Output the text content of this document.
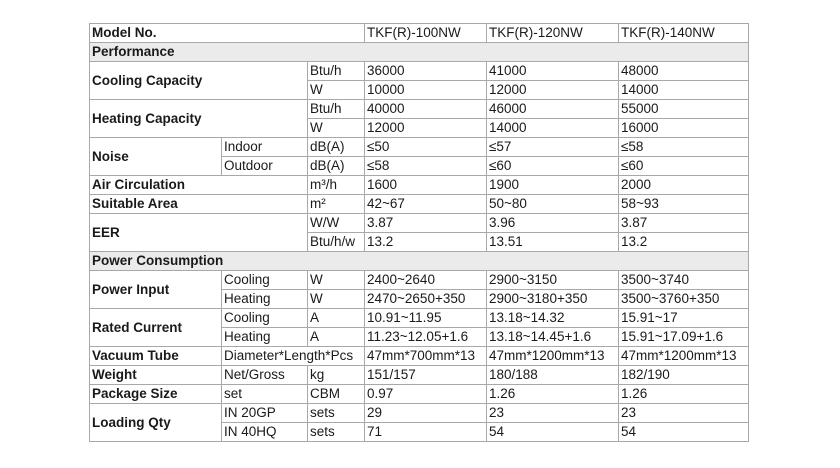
Model No.			TKF(R)-100NW	TKF(R)-120NW	TKF(R)-140NW
Performance					
Cooling Capacity		Btu/h	36000	41000	48000
		W	10000	12000	14000
Heating Capacity		Btu/h	40000	46000	55000
		W	12000	14000	16000
Noise	Indoor	dB(A)	≤50	≤57	≤58
	Outdoor	dB(A)	≤58	≤60	≤60
Air Circulation		m³/h	1600	1900	2000
Suitable Area		m²	42~67	50~80	58~93
EER		W/W	3.87	3.96	3.87
		Btu/h/w	13.2	13.51	13.2
Power Consumption					
Power Input	Cooling	W	2400~2640	2900~3150	3500~3740
	Heating	W	2470~2650+350	2900~3180+350	3500~3760+350
Rated Current	Cooling	A	10.91~11.95	13.18~14.32	15.91~17
	Heating	A	11.23~12.05+1.6	13.18~14.45+1.6	15.91~17.09+1.6
Vacuum Tube	Diameter*Length*Pcs		47mm*700mm*13	47mm*1200mm*13	47mm*1200mm*13
Weight	Net/Gross	kg	151/157	180/188	182/190
Package Size	set	CBM	0.97	1.26	1.26
Loading Qty	IN 20GP	sets	29	23	23
	IN 40HQ	sets	71	54	54
